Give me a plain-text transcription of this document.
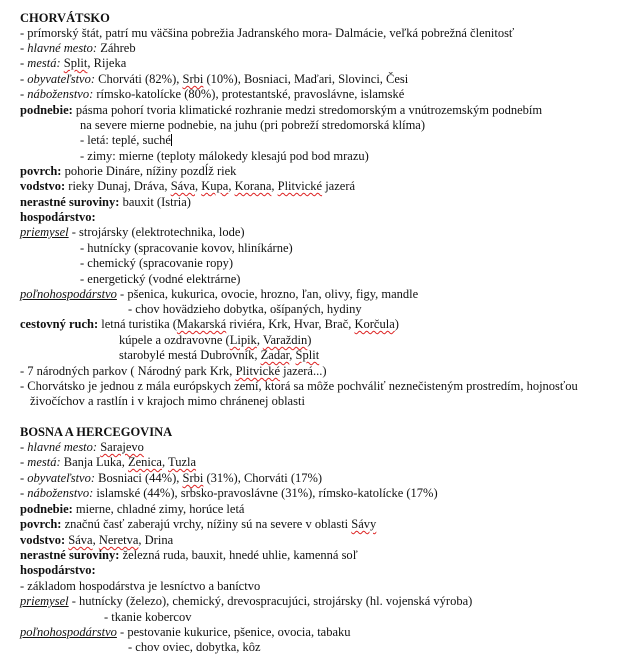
CHORVÁTSKO
- prímorský štát, patrí mu väčšina pobrežia Jadranského mora- Dalmácie, veľká pobrežná členitosť
- hlavné mesto: Záhreb
- mestá: Split, Rijeka
- obyvateľstvo: Chorváti (82%), Srbi (10%), Bosniaci, Maďari, Slovinci, Česi
- náboženstvo: rímsko-katolícke (80%), protestantské, pravoslávne, islamské
podnebie: pásma pohorí tvoria klimatické rozhranie medzi stredomorským a vnútrozemským podnebím
na severe mierne podnebie, na juhu (pri pobreží stredomorská klíma)
- letá: teplé, suché
- zimy: mierne (teploty málokedy klesajú pod bod mrazu)
povrch: pohorie Dináre, nížiny pozdĺž riek
vodstvo: rieky Dunaj, Dráva, Sáva, Kupa, Korana, Plitvické jazerá
nerastné suroviny: bauxit (Istria)
hospodárstvo:
priemysel - strojársky (elektrotechnika, lode)
- hutnícky (spracovanie kovov, hliníkárne)
- chemický (spracovanie ropy)
- energetický (vodné elektrárne)
poľnohospodárstvo - pšenica, kukurica, ovocie, hrozno, ľan, olivy, figy, mandle
- chov hovädzieho dobytka, ošípaných, hydiny
cestovný ruch: letná turistika (Makarská riviéra, Krk, Hvar, Brač, Korčula)
kúpele a ozdravovne (Lipik, Varaždin)
starobylé mestá Dubrovník, Zadar, Split
- 7 národných parkov ( Národný park Krk, Plitvické jazerá...)
- Chorvátsko je jednou z mála európskych zemí, ktorá sa môže pochváliť neznečisteným prostredím, hojnosťou
živočíchov a rastlín i v krajoch mimo chránenej oblasti
BOSNA A HERCEGOVINA
- hlavné mesto: Sarajevo
- mestá: Banja Luka, Zenica, Tuzla
- obyvateľstvo: Bosniaci (44%), Srbi (31%), Chorváti (17%)
- náboženstvo: islamské (44%), srbsko-pravoslávne (31%), rímsko-katolícke (17%)
podnebie: mierne, chladné zimy, horúce letá
povrch: značnú časť zaberajú vrchy, nížiny sú na severe v oblasti Sávy
vodstvo: Sáva, Neretva, Drina
nerastné suroviny: železná ruda, bauxit, hnedé uhlie, kamenná soľ
hospodárstvo:
- základom hospodárstva je lesníctvo a baníctvo
priemysel - hutnícky (železo), chemický, drevospracujúci, strojársky (hl. vojenská výroba)
- tkanie kobercov
poľnohospodárstvo - pestovanie kukurice, pšenice, ovocia, tabaku
- chov oviec, dobytka, kôz
